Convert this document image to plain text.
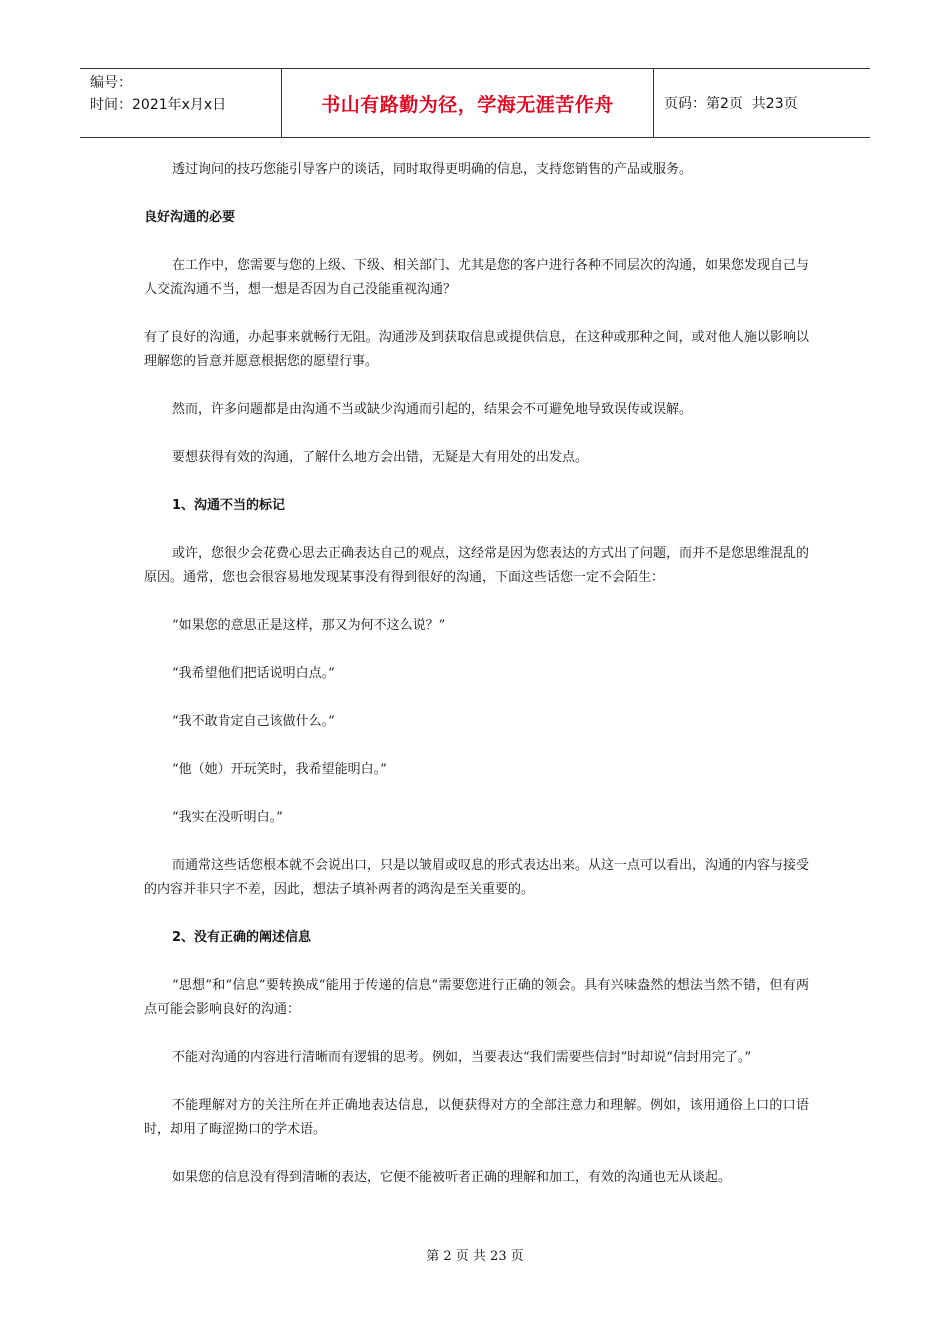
编号：
时间：2021年x月x日	书山有路勤为径，学海无涯苦作舟	页码：第2页  共23页

透过询问的技巧您能引导客户的谈话，同时取得更明确的信息，支持您销售的产品或服务。

良好沟通的必要

在工作中，您需要与您的上级、下级、相关部门、尤其是您的客户进行各种不同层次的沟通，如果您发现自己与人交流沟通不当，想一想是否因为自己没能重视沟通？

有了良好的沟通，办起事来就畅行无阻。沟通涉及到获取信息或提供信息，在这种或那种之间，或对他人施以影响以理解您的旨意并愿意根据您的愿望行事。

然而，许多问题都是由沟通不当或缺少沟通而引起的，结果会不可避免地导致误传或误解。

要想获得有效的沟通，了解什么地方会出错，无疑是大有用处的出发点。

1、沟通不当的标记

或许，您很少会花费心思去正确表达自己的观点，这经常是因为您表达的方式出了问题，而并不是您思维混乱的原因。通常，您也会很容易地发现某事没有得到很好的沟通，下面这些话您一定不会陌生：

“如果您的意思正是这样，那又为何不这么说？”

“我希望他们把话说明白点。”

“我不敢肯定自己该做什么。”

“他（她）开玩笑时，我希望能明白。”

“我实在没听明白。”

而通常这些话您根本就不会说出口，只是以皱眉或叹息的形式表达出来。从这一点可以看出，沟通的内容与接受的内容并非只字不差，因此，想法子填补两者的鸿沟是至关重要的。

2、没有正确的阐述信息

“思想”和“信息”要转换成“能用于传递的信息”需要您进行正确的领会。具有兴味盎然的想法当然不错，但有两点可能会影响良好的沟通：

不能对沟通的内容进行清晰而有逻辑的思考。例如，当要表达“我们需要些信封”时却说“信封用完了。”

不能理解对方的关注所在并正确地表达信息，以便获得对方的全部注意力和理解。例如，该用通俗上口的口语时，却用了晦涩拗口的学术语。

如果您的信息没有得到清晰的表达，它便不能被听者正确的理解和加工，有效的沟通也无从谈起。

第 2 页 共 23 页
